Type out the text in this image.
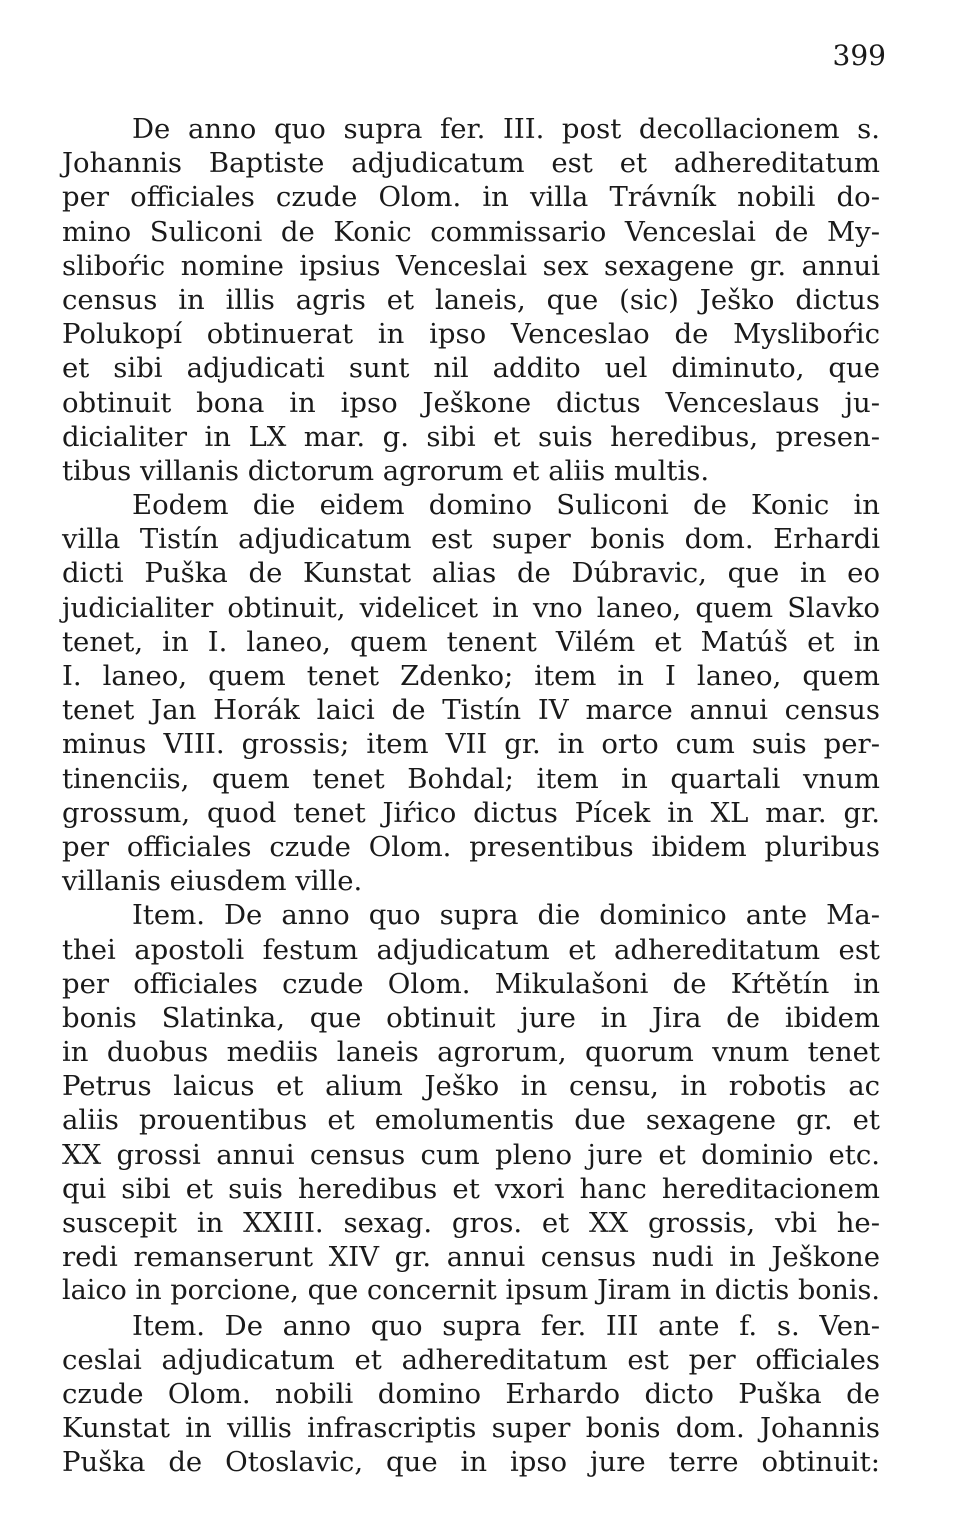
399
De anno quo supra fer. III. post decollacionem s.
Johannis Baptiste adjudicatum est et adhereditatum
per officiales czude Olom. in villa Trávník nobili do-
mino Suliconi de Konic commissario Venceslai de My-
sliboŕic nomine ipsius Venceslai sex sexagene gr. annui
census in illis agris et laneis, que (sic) Ješko dictus
Polukopí obtinuerat in ipso Venceslao de Mysliboŕic
et sibi adjudicati sunt nil addito uel diminuto, que
obtinuit bona in ipso Ješkone dictus Venceslaus ju-
dicialiter in LX mar. g. sibi et suis heredibus, presen-
tibus villanis dictorum agrorum et aliis multis.
Eodem die eidem domino Suliconi de Konic in
villa Tistín adjudicatum est super bonis dom. Erhardi
dicti Puška de Kunstat alias de Dúbravic, que in eo
judicialiter obtinuit, videlicet in vno laneo, quem Slavko
tenet, in I. laneo, quem tenent Vilém et Matúš et in
I. laneo, quem tenet Zdenko; item in I laneo, quem
tenet Jan Horák laici de Tistín IV marce annui census
minus VIII. grossis; item VII gr. in orto cum suis per-
tinenciis, quem tenet Bohdal; item in quartali vnum
grossum, quod tenet Jiŕico dictus Pícek in XL mar. gr.
per officiales czude Olom. presentibus ibidem pluribus
villanis eiusdem ville.
Item. De anno quo supra die dominico ante Ma-
thei apostoli festum adjudicatum et adhereditatum est
per officiales czude Olom. Mikulašoni de Kŕtětín in
bonis Slatinka, que obtinuit jure in Jira de ibidem
in duobus mediis laneis agrorum, quorum vnum tenet
Petrus laicus et alium Ješko in censu, in robotis ac
aliis prouentibus et emolumentis due sexagene gr. et
XX grossi annui census cum pleno jure et dominio etc.
qui sibi et suis heredibus et vxori hanc hereditacionem
suscepit in XXIII. sexag. gros. et XX grossis, vbi he-
redi remanserunt XIV gr. annui census nudi in Ješkone
laico in porcione, que concernit ipsum Jiram in dictis bonis.
Item. De anno quo supra fer. III ante f. s. Ven-
ceslai adjudicatum et adhereditatum est per officiales
czude Olom. nobili domino Erhardo dicto Puška de
Kunstat in villis infrascriptis super bonis dom. Johannis
Puška de Otoslavic, que in ipso jure terre obtinuit:
